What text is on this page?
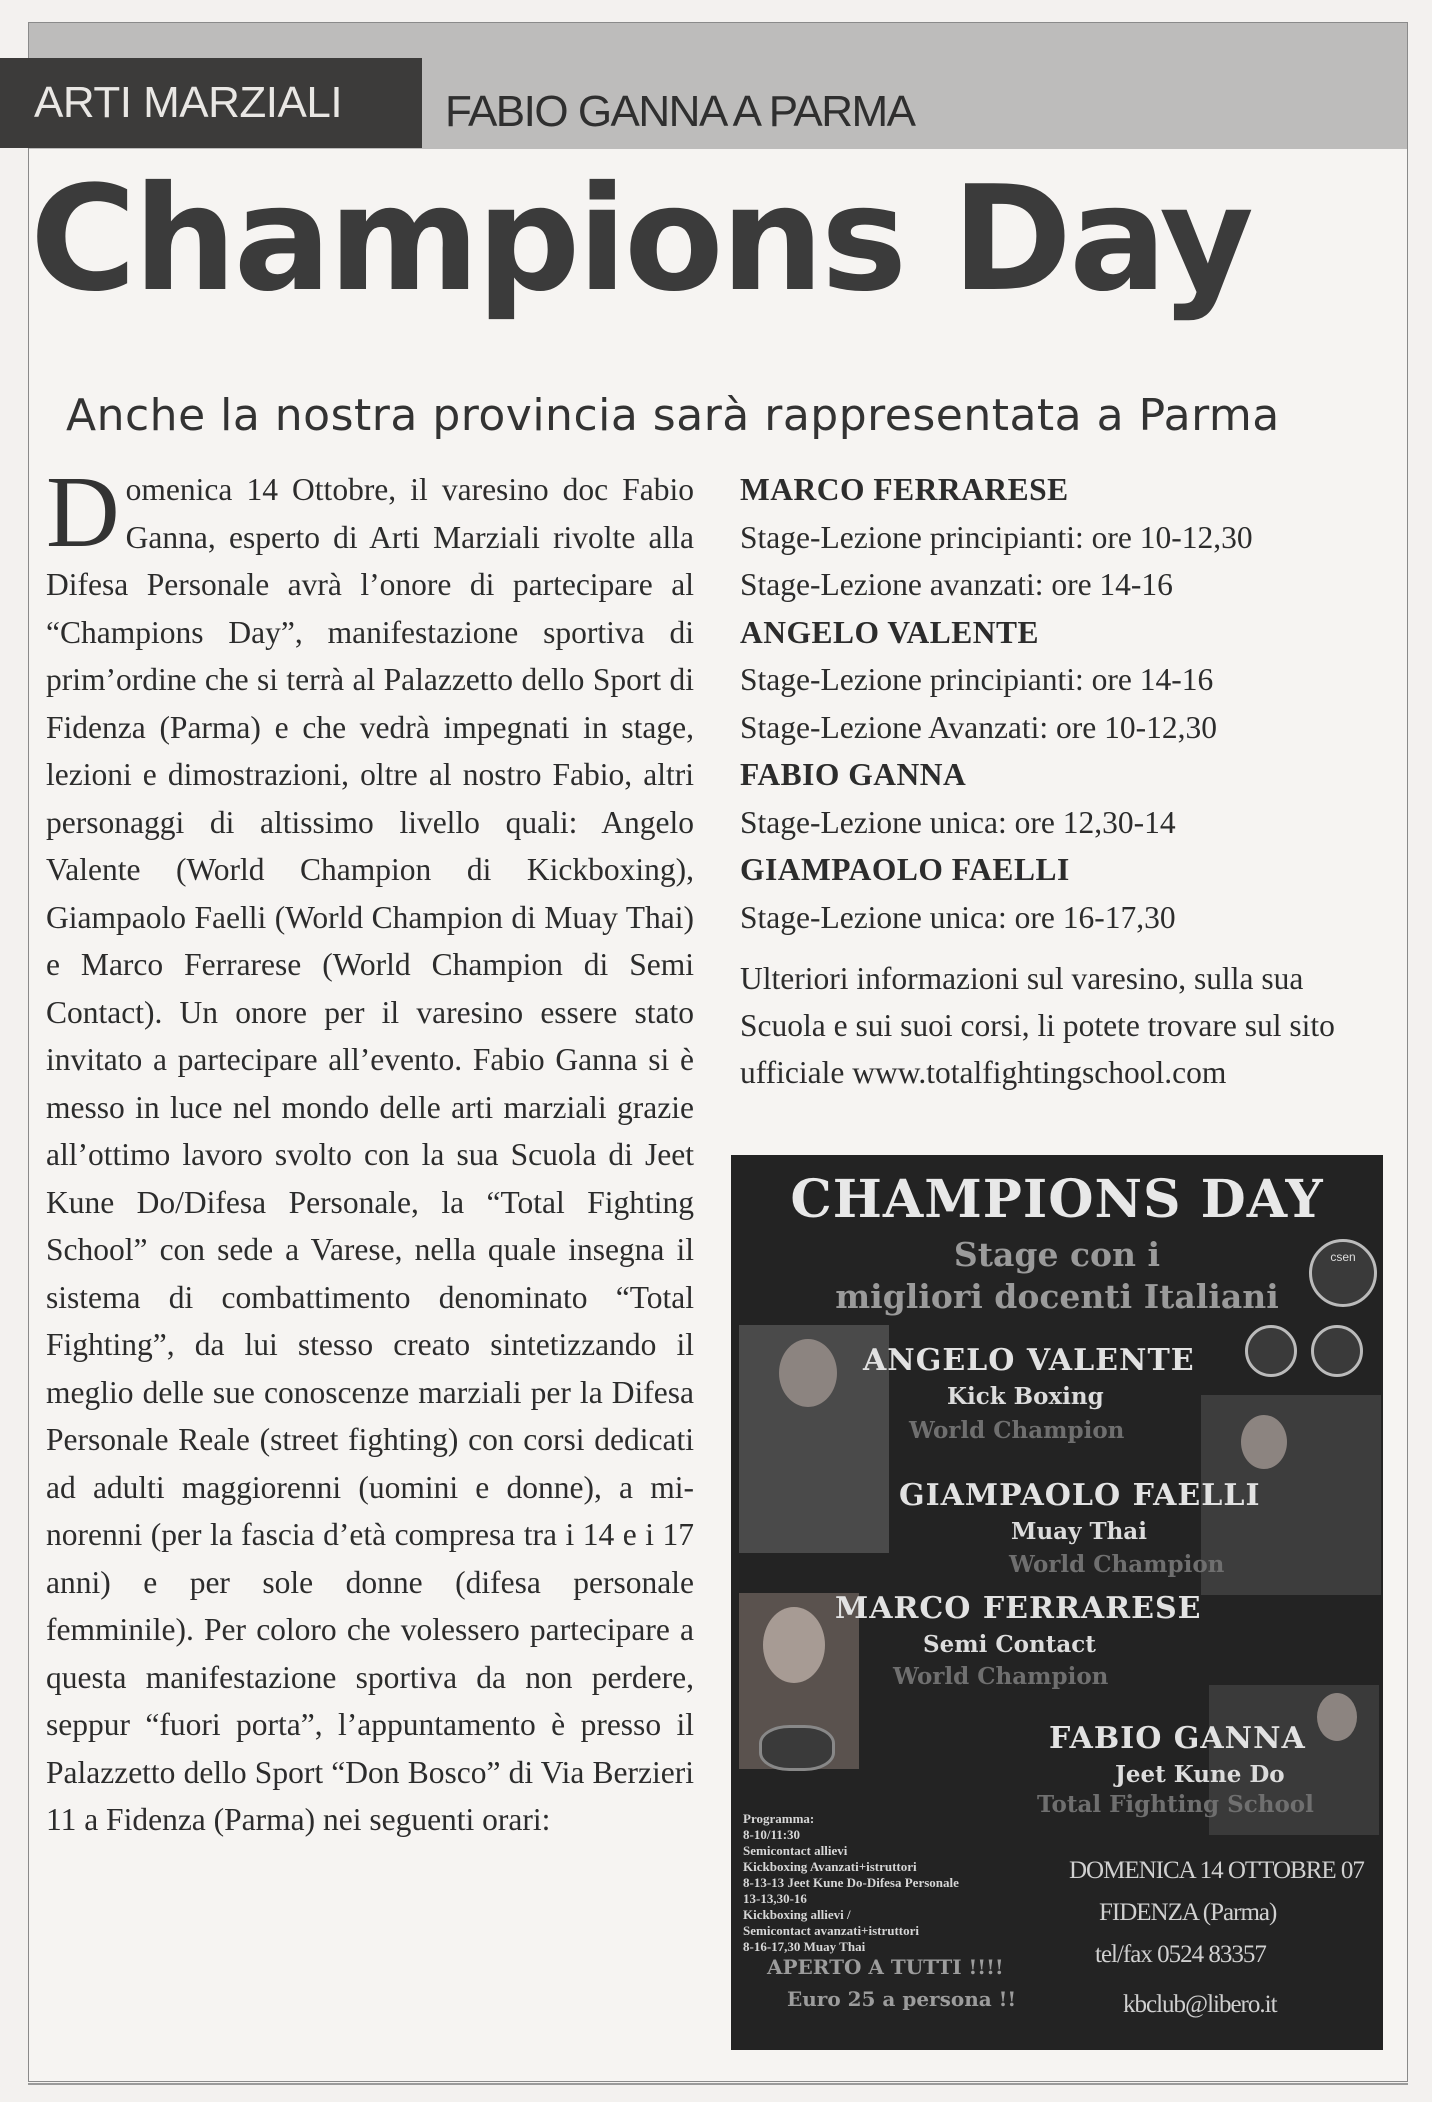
ARTI MARZIALI	FABIO GANNA A PARMA
Champions Day
Anche la nostra provincia sarà rappresentata a Parma
Domenica 14 Ottobre, il varesino doc Fabio Ganna, esperto di Arti Marziali rivolte alla Difesa Personale avrà l’onore di partecipare al “Champions Day”, manifestazione sportiva di prim’ordine che si terrà al Palazzetto dello Sport di Fidenza (Parma) e che vedrà impegnati in stage, lezioni e dimostrazioni, oltre al nostro Fabio, altri personaggi di altissimo livello quali: Angelo Valente (World Champion di Kickboxing), Giampaolo Faelli (World Champion di Muay Thai) e Marco Ferrarese (World Champion di Semi Contact). Un onore per il varesino essere stato invitato a partecipare all’evento. Fabio Ganna si è messo in luce nel mondo delle arti marziali grazie all’ottimo lavoro svolto con la sua Scuola di Jeet Kune Do/Difesa Personale, la “Total Fighting School” con sede a Varese, nella quale insegna il sistema di combattimento denominato “Total Fighting”, da lui stesso creato sintetizzando il meglio delle sue conoscenze marziali per la Difesa Personale Reale (street fighting) con corsi dedicati ad adulti maggiorenni (uomini e donne), a minorenni (per la fascia d’età compresa tra i 14 e i 17 anni) e per sole donne (difesa personale femminile). Per coloro che volessero partecipare a questa manifestazione sportiva da non perdere, seppur “fuori porta”, l’appuntamento è presso il Palazzetto dello Sport “Don Bosco” di Via Berzieri 11 a Fidenza (Parma) nei seguenti orari:
MARCO FERRARESE
Stage-Lezione principianti: ore 10-12,30
Stage-Lezione avanzati: ore 14-16
ANGELO VALENTE
Stage-Lezione principianti: ore 14-16
Stage-Lezione Avanzati: ore 10-12,30
FABIO GANNA
Stage-Lezione unica: ore 12,30-14
GIAMPAOLO FAELLI
Stage-Lezione unica: ore 16-17,30
Ulteriori informazioni sul varesino, sulla sua Scuola e sui suoi corsi, li potete trovare sul sito ufficiale www.totalfightingschool.com
CHAMPIONS DAY
Stage con i
migliori docenti Italiani
csen
ANGELO VALENTE
Kick Boxing
World Champion
GIAMPAOLO FAELLI
Muay Thai
World Champion
MARCO FERRARESE
Semi Contact
World Champion
FABIO GANNA
Jeet Kune Do
Total Fighting School
Programma:
8-10/11:30
Semicontact allievi
Kickboxing Avanzati+istruttori
8-13-13 Jeet Kune Do-Difesa Personale
13-13,30-16
Kickboxing allievi /
Semicontact avanzati+istruttori
8-16-17,30 Muay Thai
DOMENICA 14 OTTOBRE 07
FIDENZA (Parma)
tel/fax 0524 83357
kbclub@libero.it
APERTO A TUTTI !!!!
Euro 25 a persona !!
